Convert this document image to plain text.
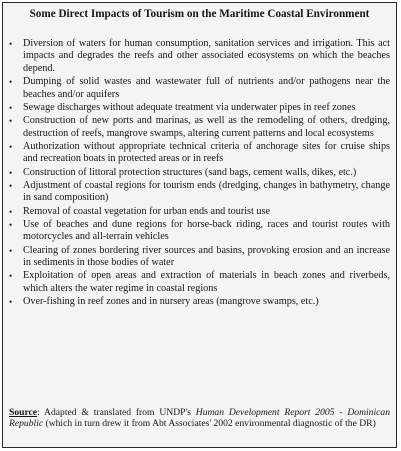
Some Direct Impacts of Tourism on the Maritime Coastal Environment
• Diversion of waters for human consumption, sanitation services and irrigation. This act impacts and degrades the reefs and other associated ecosystems on which the beaches depend.
• Dumping of solid wastes and wastewater full of nutrients and/or pathogens near the beaches and/or aquifers
• Sewage discharges without adequate treatment via underwater pipes in reef zones
• Construction of new ports and marinas, as well as the remodeling of others, dredging, destruction of reefs, mangrove swamps, altering current patterns and local ecosystems
• Authorization without appropriate technical criteria of anchorage sites for cruise ships and recreation boats in protected areas or in reefs
• Construction of littoral protection structures (sand bags, cement walls, dikes, etc.)
• Adjustment of coastal regions for tourism ends (dredging, changes in bathymetry, change in sand composition)
• Removal of coastal vegetation for urban ends and tourist use
• Use of beaches and dune regions for horse-back riding, races and tourist routes with motorcycles and all-terrain vehicles
• Clearing of zones bordering river sources and basins, provoking erosion and an increase in sediments in those bodies of water
• Exploitation of open areas and extraction of materials in beach zones and riverbeds, which alters the water regime in coastal regions
• Over-fishing in reef zones and in nursery areas (mangrove swamps, etc.)
Source: Adapted & translated from UNDP's Human Development Report 2005 - Dominican Republic (which in turn drew it from Abt Associates' 2002 environmental diagnostic of the DR)
